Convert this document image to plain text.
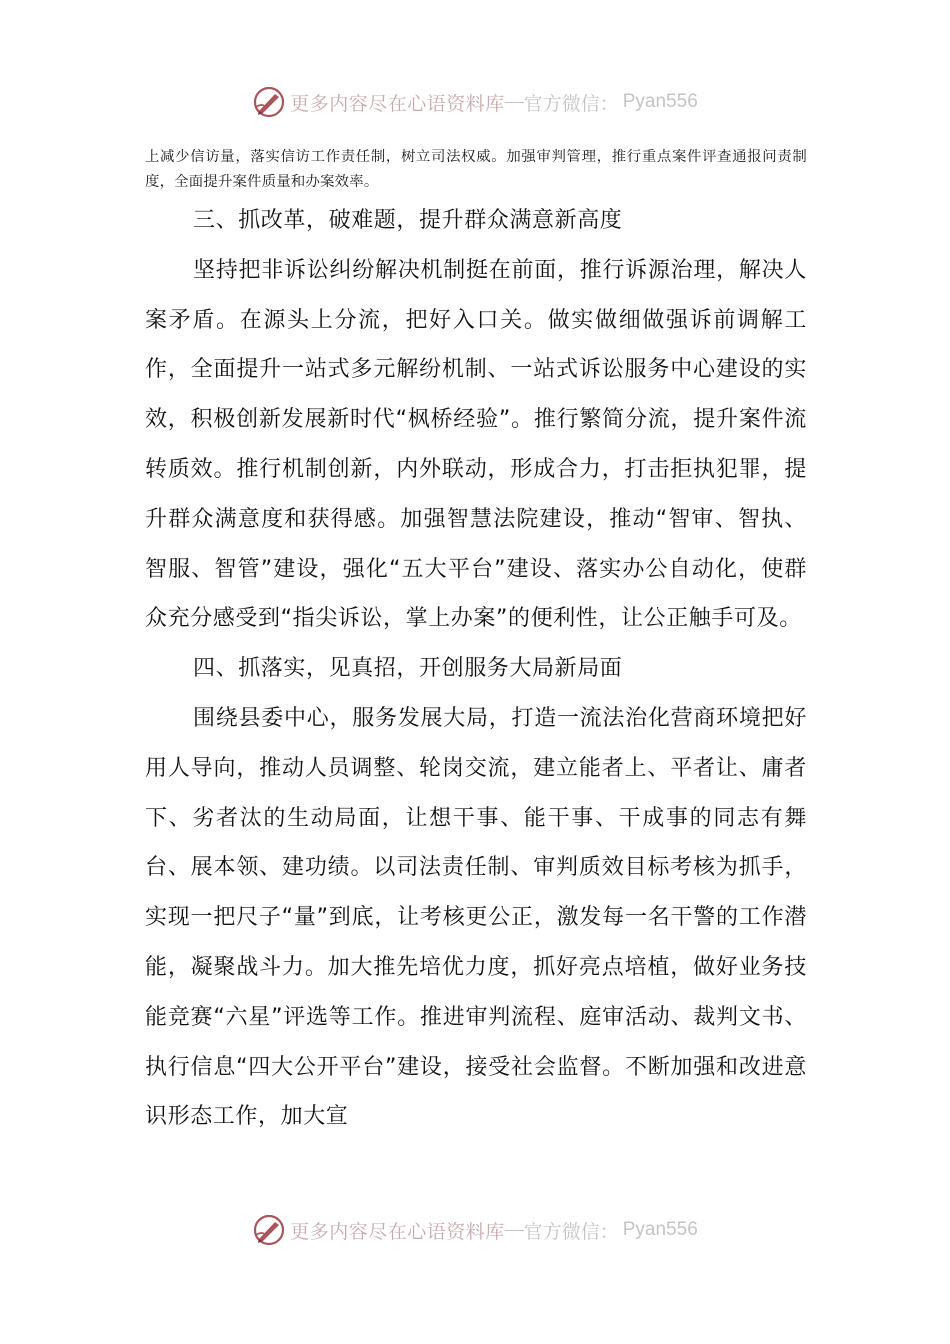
更多内容尽在心语资料库 — 官方微信： Pyan556

上减少信访量，落实信访工作责任制，树立司法权威。加强审判管理，推行重点案件评查通报问责制度，全面提升案件质量和办案效率。

三、抓改革，破难题，提升群众满意新高度

坚持把非诉讼纠纷解决机制挺在前面，推行诉源治理，解决人案矛盾。在源头上分流，把好入口关。做实做细做强诉前调解工作，全面提升一站式多元解纷机制、一站式诉讼服务中心建设的实效，积极创新发展新时代“枫桥经验”。推行繁简分流，提升案件流转质效。推行机制创新，内外联动，形成合力，打击拒执犯罪，提升群众满意度和获得感。加强智慧法院建设，推动“智审、智执、智服、智管”建设，强化“五大平台”建设、落实办公自动化，使群众充分感受到“指尖诉讼，掌上办案”的便利性，让公正触手可及。

四、抓落实，见真招，开创服务大局新局面

围绕县委中心，服务发展大局，打造一流法治化营商环境把好用人导向，推动人员调整、轮岗交流，建立能者上、平者让、庸者下、劣者汰的生动局面，让想干事、能干事、干成事的同志有舞台、展本领、建功绩。以司法责任制、审判质效目标考核为抓手，实现一把尺子“量”到底，让考核更公正，激发每一名干警的工作潜能，凝聚战斗力。加大推先培优力度，抓好亮点培植，做好业务技能竞赛“六星”评选等工作。推进审判流程、庭审活动、裁判文书、执行信息“四大公开平台”建设，接受社会监督。不断加强和改进意识形态工作，加大宣

更多内容尽在心语资料库 — 官方微信： Pyan556
